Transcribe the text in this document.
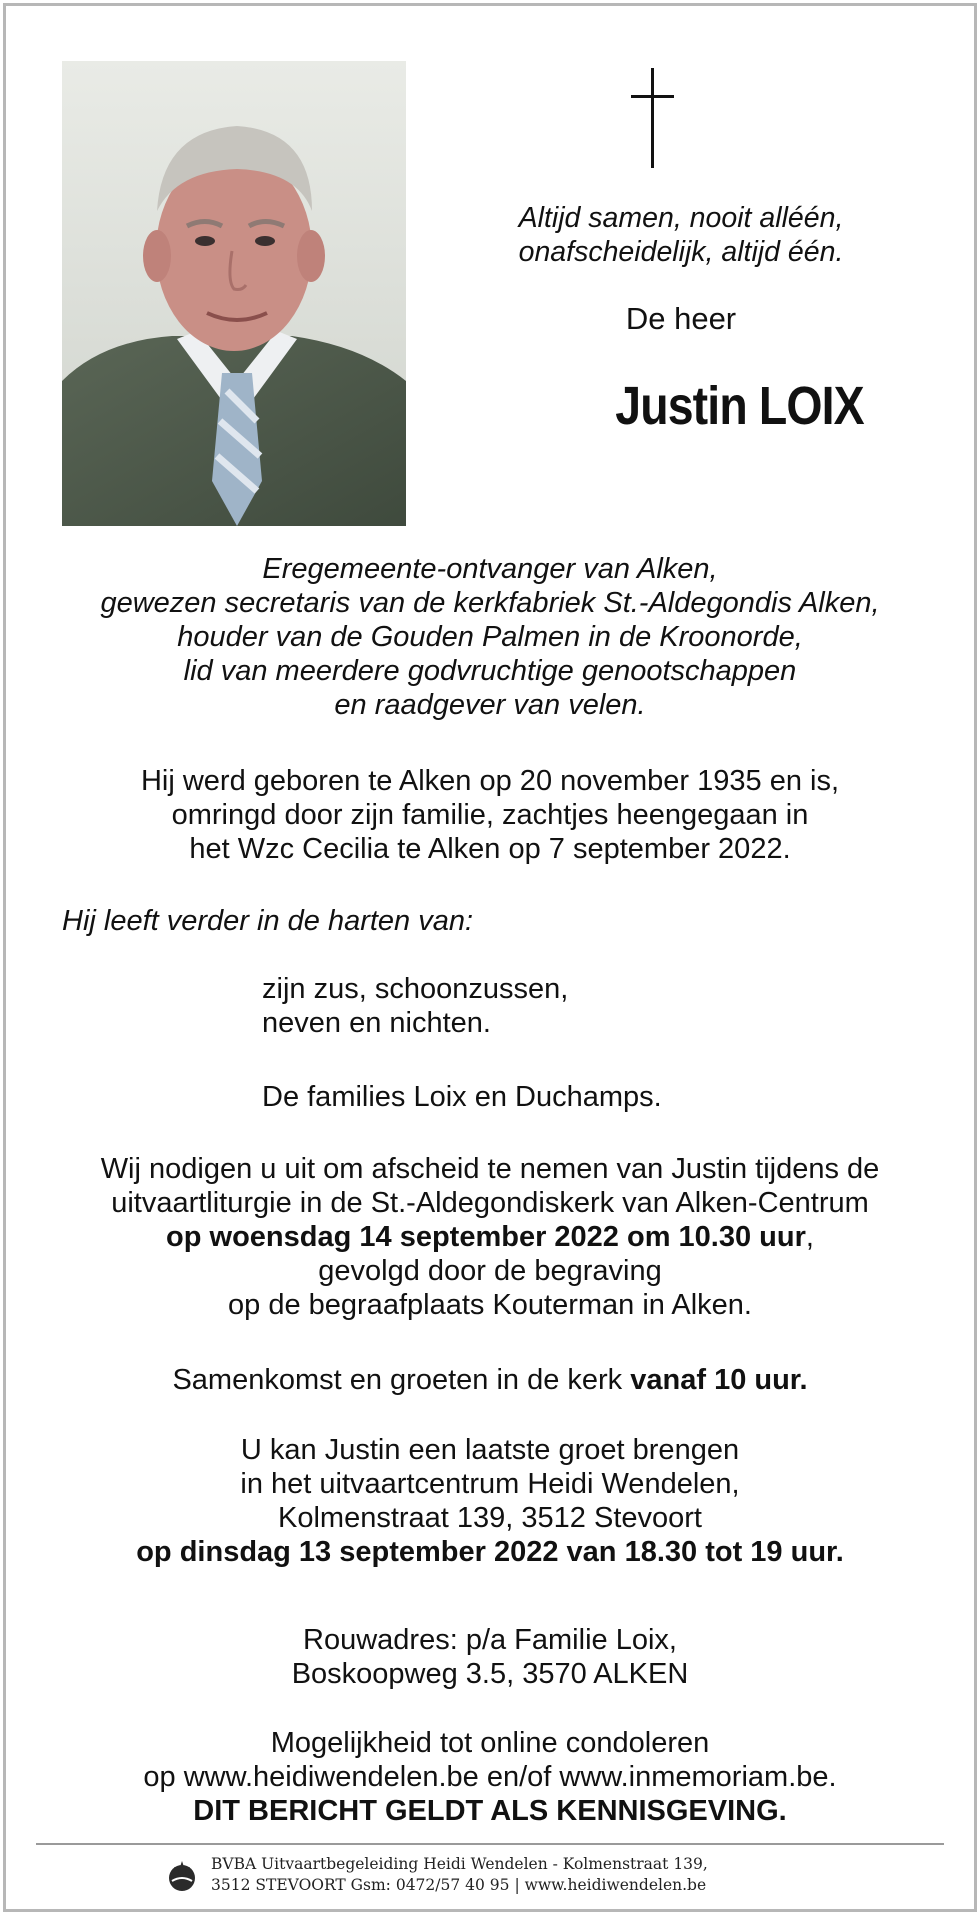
Altijd samen, nooit alléén,
onafscheidelijk, altijd één.
De heer
Justin LOIX
Eregemeente-ontvanger van Alken,
gewezen secretaris van de kerkfabriek St.-Aldegondis Alken,
houder van de Gouden Palmen in de Kroonorde,
lid van meerdere godvruchtige genootschappen
en raadgever van velen.
Hij werd geboren te Alken op 20 november 1935 en is,
omringd door zijn familie, zachtjes heengegaan in
het Wzc Cecilia te Alken op 7 september 2022.
Hij leeft verder in de harten van:
zijn zus, schoonzussen,
neven en nichten.
De families Loix en Duchamps.
Wij nodigen u uit om afscheid te nemen van Justin tijdens de
uitvaartliturgie in de St.-Aldegondiskerk van Alken-Centrum
op woensdag 14 september 2022 om 10.30 uur,
gevolgd door de begraving
op de begraafplaats Kouterman in Alken.
Samenkomst en groeten in de kerk vanaf 10 uur.
U kan Justin een laatste groet brengen
in het uitvaartcentrum Heidi Wendelen,
Kolmenstraat 139, 3512 Stevoort
op dinsdag 13 september 2022 van 18.30 tot 19 uur.
Rouwadres: p/a Familie Loix,
Boskoopweg 3.5, 3570 ALKEN
Mogelijkheid tot online condoleren
op www.heidiwendelen.be en/of www.inmemoriam.be.
DIT BERICHT GELDT ALS KENNISGEVING.
BVBA Uitvaartbegeleiding Heidi Wendelen - Kolmenstraat 139,
3512 STEVOORT Gsm: 0472/57 40 95 | www.heidiwendelen.be
